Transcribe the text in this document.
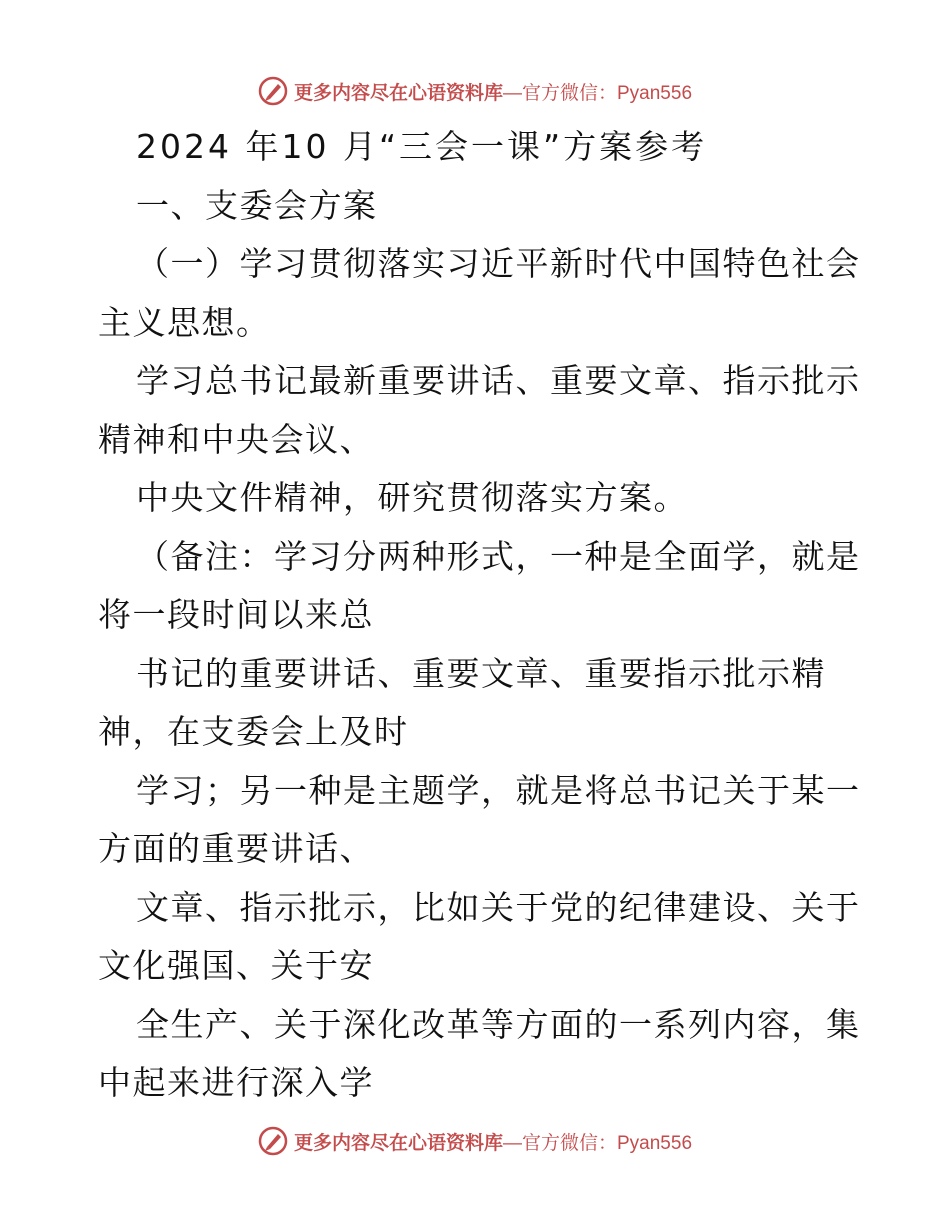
更多内容尽在心语资料库 —官方微信：Pyan556
2024 年10 月“三会一课”方案参考
一、支委会方案
（一）学习贯彻落实习近平新时代中国特色社会
主义思想。
学习总书记最新重要讲话、重要文章、指示批示
精神和中央会议、
中央文件精神，研究贯彻落实方案。
（备注：学习分两种形式，一种是全面学，就是
将一段时间以来总
书记的重要讲话、重要文章、重要指示批示精
神，在支委会上及时
学习；另一种是主题学，就是将总书记关于某一
方面的重要讲话、
文章、指示批示，比如关于党的纪律建设、关于
文化强国、关于安
全生产、关于深化改革等方面的一系列内容，集
中起来进行深入学
更多内容尽在心语资料库 —官方微信：Pyan556
